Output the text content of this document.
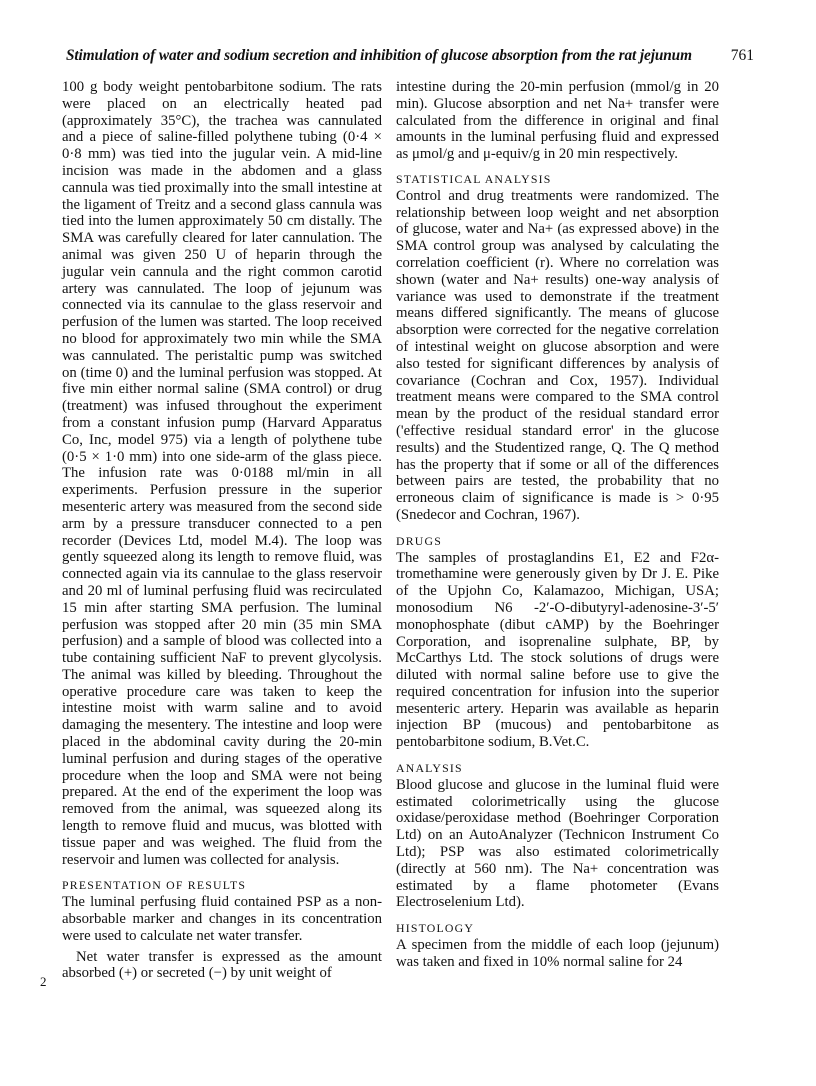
Stimulation of water and sodium secretion and inhibition of glucose absorption from the rat jejunum	761

100 g body weight pentobarbitone sodium. The rats were placed on an electrically heated pad (approximately 35°C), the trachea was cannulated and a piece of saline-filled polythene tubing (0·4 × 0·8 mm) was tied into the jugular vein. A mid-line incision was made in the abdomen and a glass cannula was tied proximally into the small intestine at the ligament of Treitz and a second glass cannula was tied into the lumen approximately 50 cm distally. The SMA was carefully cleared for later cannulation. The animal was given 250 U of heparin through the jugular vein cannula and the right common carotid artery was cannulated. The loop of jejunum was connected via its cannulae to the glass reservoir and perfusion of the lumen was started. The loop received no blood for approximately two min while the SMA was cannulated. The peristaltic pump was switched on (time 0) and the luminal perfusion was stopped. At five min either normal saline (SMA control) or drug (treatment) was infused throughout the experiment from a constant infusion pump (Harvard Apparatus Co, Inc, model 975) via a length of polythene tube (0·5 × 1·0 mm) into one side-arm of the glass piece. The infusion rate was 0·0188 ml/min in all experiments. Perfusion pressure in the superior mesenteric artery was measured from the second side arm by a pressure transducer connected to a pen recorder (Devices Ltd, model M.4). The loop was gently squeezed along its length to remove fluid, was connected again via its cannulae to the glass reservoir and 20 ml of luminal perfusing fluid was recirculated 15 min after starting SMA perfusion. The luminal perfusion was stopped after 20 min (35 min SMA perfusion) and a sample of blood was collected into a tube containing sufficient NaF to prevent glycolysis. The animal was killed by bleeding. Throughout the operative procedure care was taken to keep the intestine moist with warm saline and to avoid damaging the mesentery. The intestine and loop were placed in the abdominal cavity during the 20-min luminal perfusion and during stages of the operative procedure when the loop and SMA were not being prepared. At the end of the experiment the loop was removed from the animal, was squeezed along its length to remove fluid and mucus, was blotted with tissue paper and was weighed. The fluid from the reservoir and lumen was collected for analysis.

PRESENTATION OF RESULTS

The luminal perfusing fluid contained PSP as a non-absorbable marker and changes in its concentration were used to calculate net water transfer.

Net water transfer is expressed as the amount absorbed (+) or secreted (−) by unit weight of

intestine during the 20-min perfusion (mmol/g in 20 min). Glucose absorption and net Na+ transfer were calculated from the difference in original and final amounts in the luminal perfusing fluid and expressed as μmol/g and μ-equiv/g in 20 min respectively.

STATISTICAL ANALYSIS

Control and drug treatments were randomized. The relationship between loop weight and net absorption of glucose, water and Na+ (as expressed above) in the SMA control group was analysed by calculating the correlation coefficient (r). Where no correlation was shown (water and Na+ results) one-way analysis of variance was used to demonstrate if the treatment means differed significantly. The means of glucose absorption were corrected for the negative correlation of intestinal weight on glucose absorption and were also tested for significant differences by analysis of covariance (Cochran and Cox, 1957). Individual treatment means were compared to the SMA control mean by the product of the residual standard error ('effective residual standard error' in the glucose results) and the Studentized range, Q. The Q method has the property that if some or all of the differences between pairs are tested, the probability that no erroneous claim of significance is made is > 0·95 (Snedecor and Cochran, 1967).

DRUGS

The samples of prostaglandins E1, E2 and F2α-tromethamine were generously given by Dr J. E. Pike of the Upjohn Co, Kalamazoo, Michigan, USA; monosodium N6 -2′-O-dibutyryl-adenosine-3′-5′ monophosphate (dibut cAMP) by the Boehringer Corporation, and isoprenaline sulphate, BP, by McCarthys Ltd. The stock solutions of drugs were diluted with normal saline before use to give the required concentration for infusion into the superior mesenteric artery. Heparin was available as heparin injection BP (mucous) and pentobarbitone as pentobarbitone sodium, B.Vet.C.

ANALYSIS

Blood glucose and glucose in the luminal fluid were estimated colorimetrically using the glucose oxidase/peroxidase method (Boehringer Corporation Ltd) on an AutoAnalyzer (Technicon Instrument Co Ltd); PSP was also estimated colorimetrically (directly at 560 nm). The Na+ concentration was estimated by a flame photometer (Evans Electroselenium Ltd).

HISTOLOGY

A specimen from the middle of each loop (jejunum) was taken and fixed in 10% normal saline for 24

2
